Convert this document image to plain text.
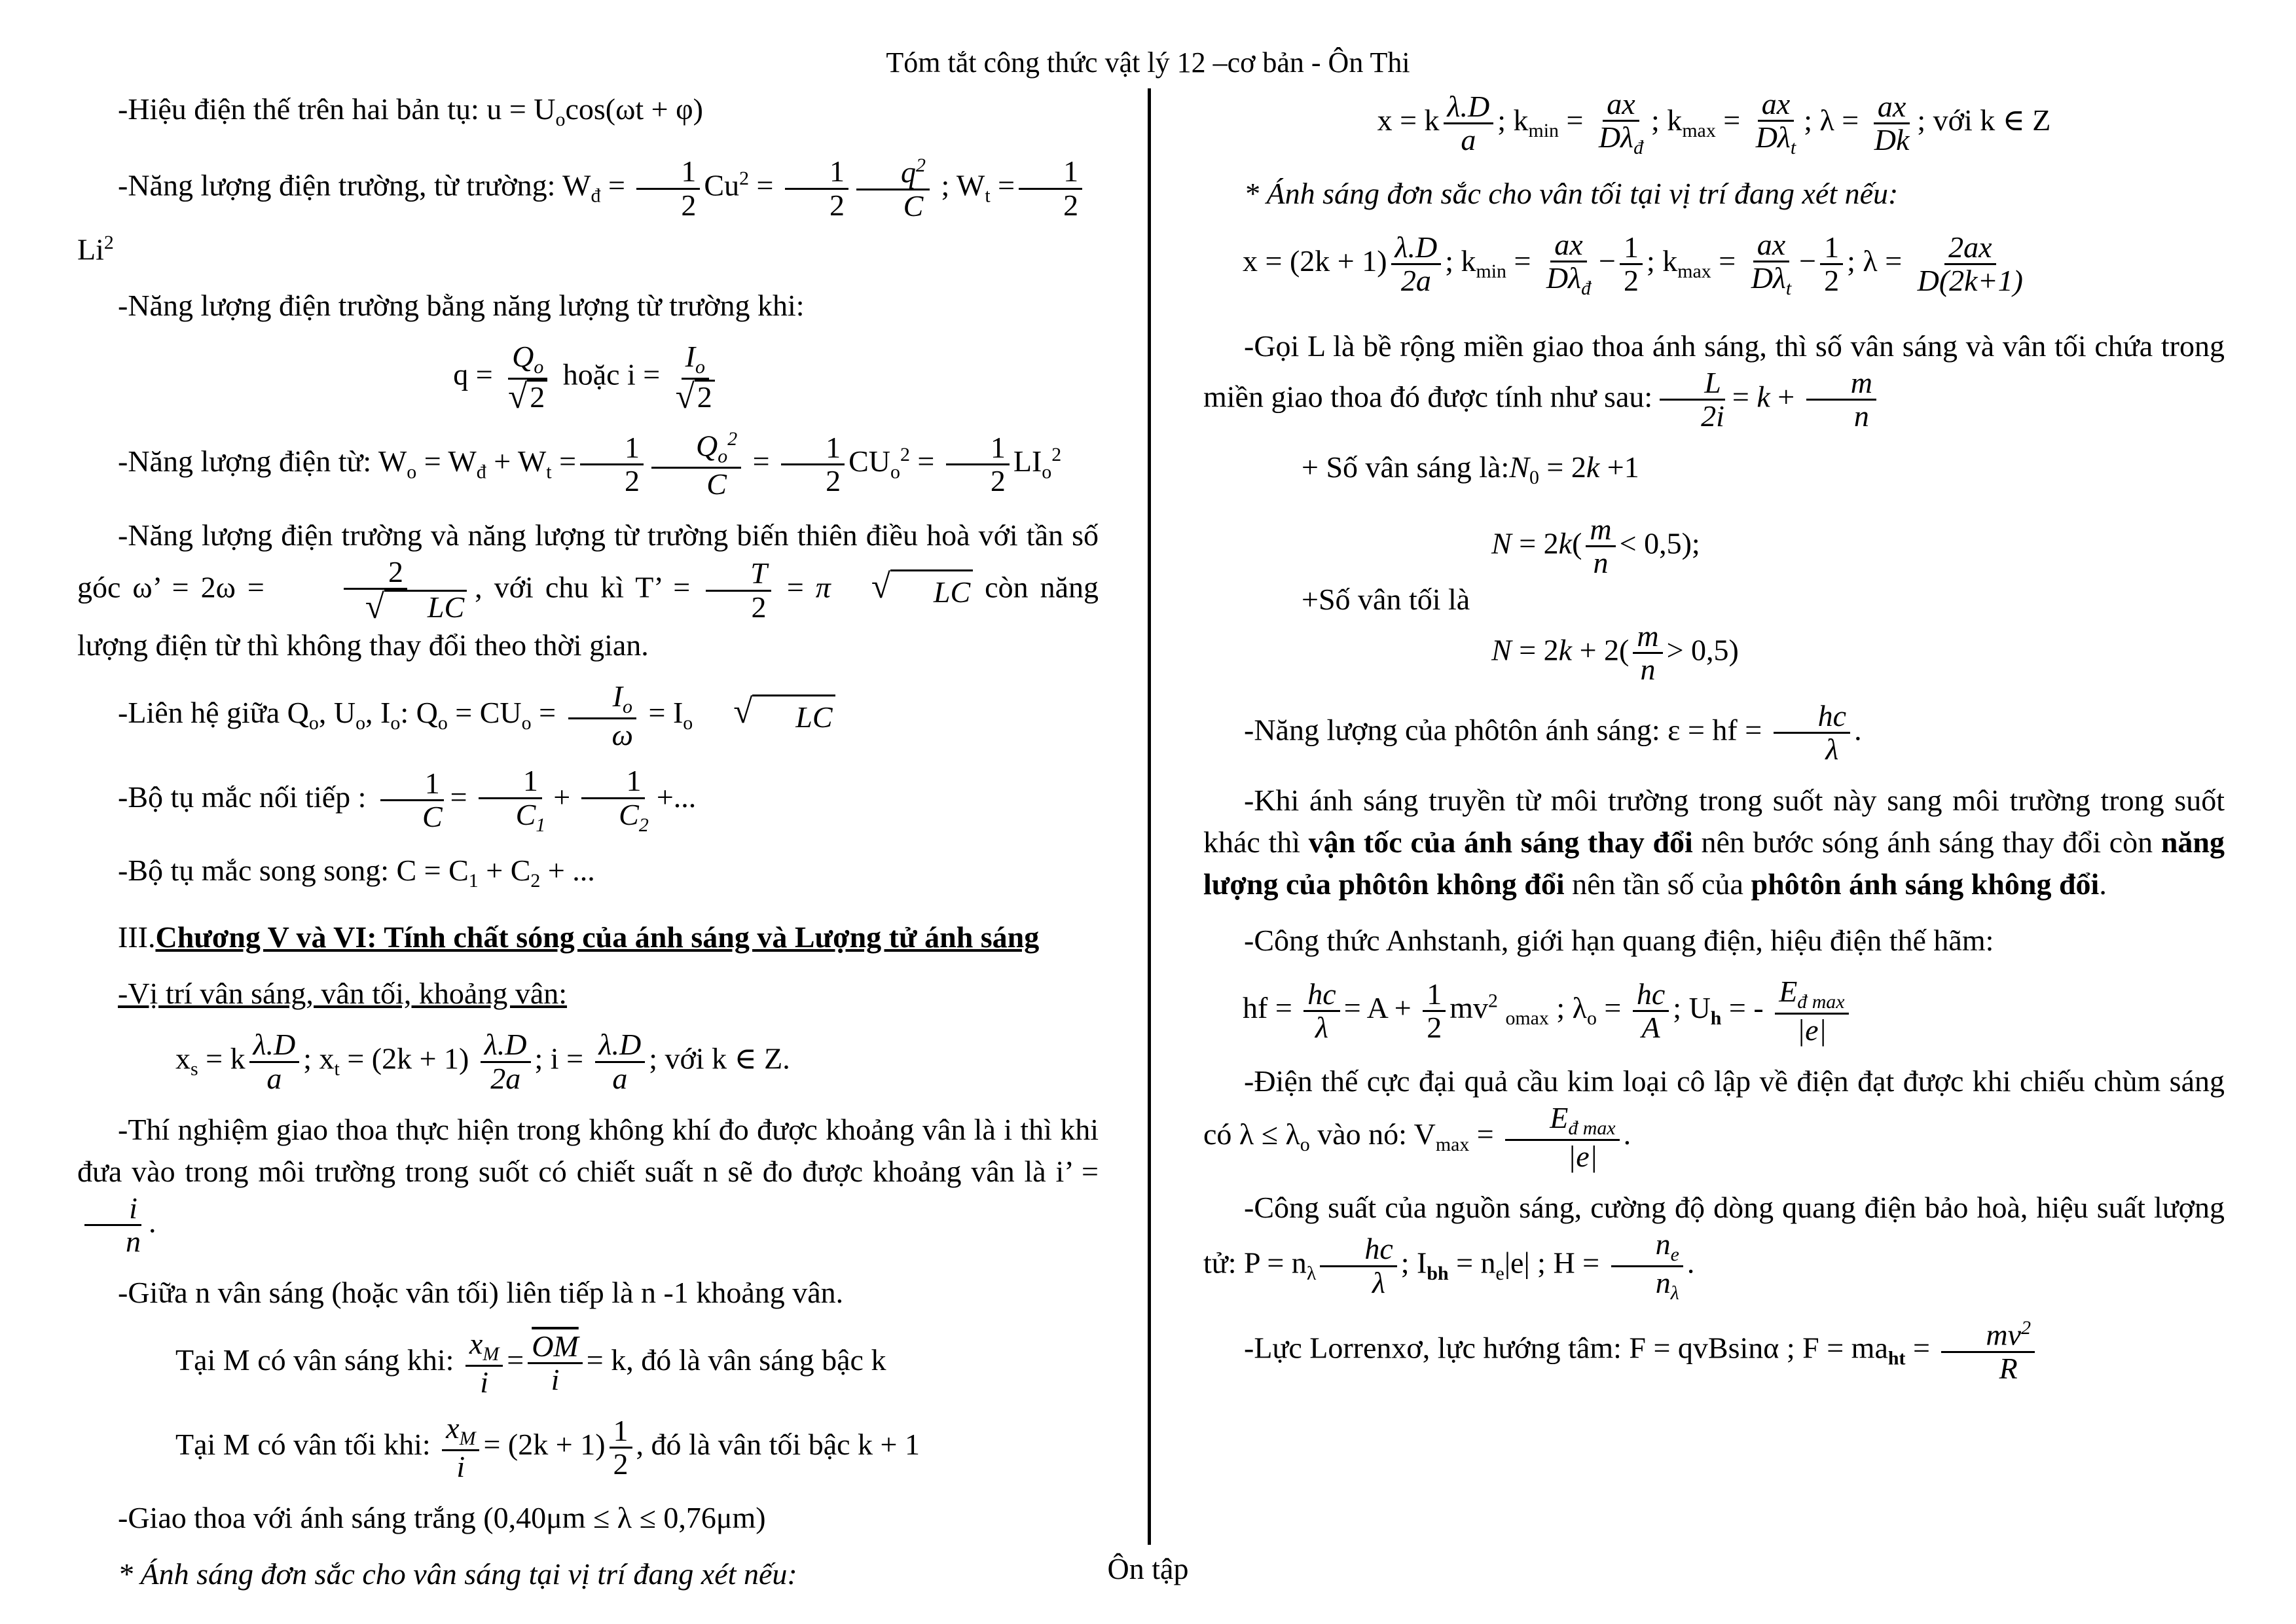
Tóm tắt công thức vật lý 12 –cơ bản - Ôn Thi
-Hiệu điện thế trên hai bản tụ: $u = U_o\cos(\omega t + \varphi)$
-Năng lượng điện trường, từ trường: $W_đ = \frac{1}{2} Cu^2 = \frac{1}{2} \frac{q^2}{C}$ ; $W_t = \frac{1}{2}$
Li$^2$
-Năng lượng điện trường bằng năng lượng từ trường khi:
$q = \frac{Q_o}{√ 2}$ hoặc $i = \frac{I_o}{√ 2}$
-Năng lượng điện từ: $W_o = W_đ + W_t = \frac{1}{2} \frac{Q_o^2}{C} = \frac{1}{2} CU_o^2 = \frac{1}{2} LI_o^2$
-Năng lượng điện trường và năng lượng từ trường biến thiên điều hoà với tần số góc ω’ = 2ω = 2
√	LC , với chu kì T’ = $\frac{T}{2} = \pi$	√	LC còn năng lượng điện từ thì không thay đổi theo thời gian.
-Liên hệ giữa $Q_o$, $U_o$, $I_o$: $Q_o = CU_o = \frac{I_o}{\omega} = I_o$	√	LC
-Bộ tụ mắc nối tiếp : $\frac{1}{C} = \frac{1}{C_1} + \frac{1}{C_2}$ +...
-Bộ tụ mắc song song: $C = C_1 + C_2$ + ...
III.Chương V và VI: Tính chất sóng của ánh sáng và Lượng tử ánh sáng
-Vị trí vân sáng, vân tối, khoảng vân:
$x_s = k \frac{\lambda.D}{a}$ ; $x_t = (2k + 1) \frac{\lambda.D}{2a}$ ; $i = \frac{\lambda.D}{a}$ ; với k ∈ Z.
-Thí nghiệm giao thoa thực hiện trong không khí đo được khoảng vân là i thì khi đưa vào trong môi trường trong suốt có chiết suất n sẽ đo được khoảng vân là i’ =
$\frac{i}{n}$ .
-Giữa n vân sáng (hoặc vân tối) liên tiếp là n -1 khoảng vân.
Tại M có vân sáng khi: $\frac{x_M}{i} = \frac{\overline{OM}}{i} = k$, đó là vân sáng bậc k
Tại M có vân tối khi: $\frac{x_M}{i} = (2k + 1) \frac{1}{2}$ , đó là vân tối bậc k + 1
-Giao thoa với ánh sáng trắng (0,40μm ≤ λ ≤ 0,76μm)
* Ánh sáng đơn sắc cho vân sáng tại vị trí đang xét nếu:
x = k $\frac{\lambda.D}{a}$ ; $k_{min} = \frac{ax}{D\lambda_đ}$ ; $k_{max} = \frac{ax}{D\lambda_t}$ ; $\lambda = \frac{ax}{Dk}$ ; với k ∈ Z
* Ánh sáng đơn sắc cho vân tối tại vị trí đang xét nếu:
$x = (2k + 1) \frac{\lambda.D}{2a}$ ; $k_{min} = \frac{ax}{D\lambda_đ} - \frac{1}{2}$ ; $k_{max} = \frac{ax}{D\lambda_t} - \frac{1}{2}$ ; $\lambda = \frac{2ax}{D(2k+1)}$
-Gọi L là bề rộng miền giao thoa ánh sáng, thì số vân sáng và vân tối chứa trong miền giao thoa đó được tính như sau: $\frac{L}{2i} = k + \frac{m}{n}$
+ Số vân sáng $là:N_0 = 2k +1$
$N = 2k( \frac{m}{n} < 0,5)$;
+Số vân tối là
$N = 2k + 2( \frac{m}{n} > 0,5)$
-Năng lượng của phôtôn ánh sáng: ε = hf = $\frac{hc}{\lambda}$ .
-Khi ánh sáng truyền từ môi trường trong suốt này sang môi trường trong suốt khác thì vận tốc của ánh sáng thay đổi nên bước sóng ánh sáng thay đổi còn năng lượng của phôtôn không đổi nên tần số của phôtôn ánh sáng không đổi.
-Công thức Anhstanh, giới hạn quang điện, hiệu điện thế hãm:
hf = $\frac{hc}{\lambda} = A + \frac{1}{2} mv^2$ $_{omax}$ ; $\lambda_o = \frac{hc}{A}$ ; $U_h$ = - $\frac{E_{đ max}}{|e|}$
-Điện thế cực đại quả cầu kim loại cô lập về điện đạt được khi chiếu chùm sáng có $\lambda \le \lambda_o$ vào nó: $V_{max} = \frac{E_{đ max}}{|e|}$ .
-Công suất của nguồn sáng, cường độ dòng quang điện bảo hoà, hiệu suất lượng tử: $P = n_\lambda \frac{hc}{\lambda}$ ; $I_{bh} = n_e|e|$ ; $H = \frac{n_e}{n_\lambda}$ .
-Lực Lorrenxơ, lực hướng tâm: F = qvBsinα ; $F = ma_{ht} = \frac{mv^2}{R}$
Ôn tập
